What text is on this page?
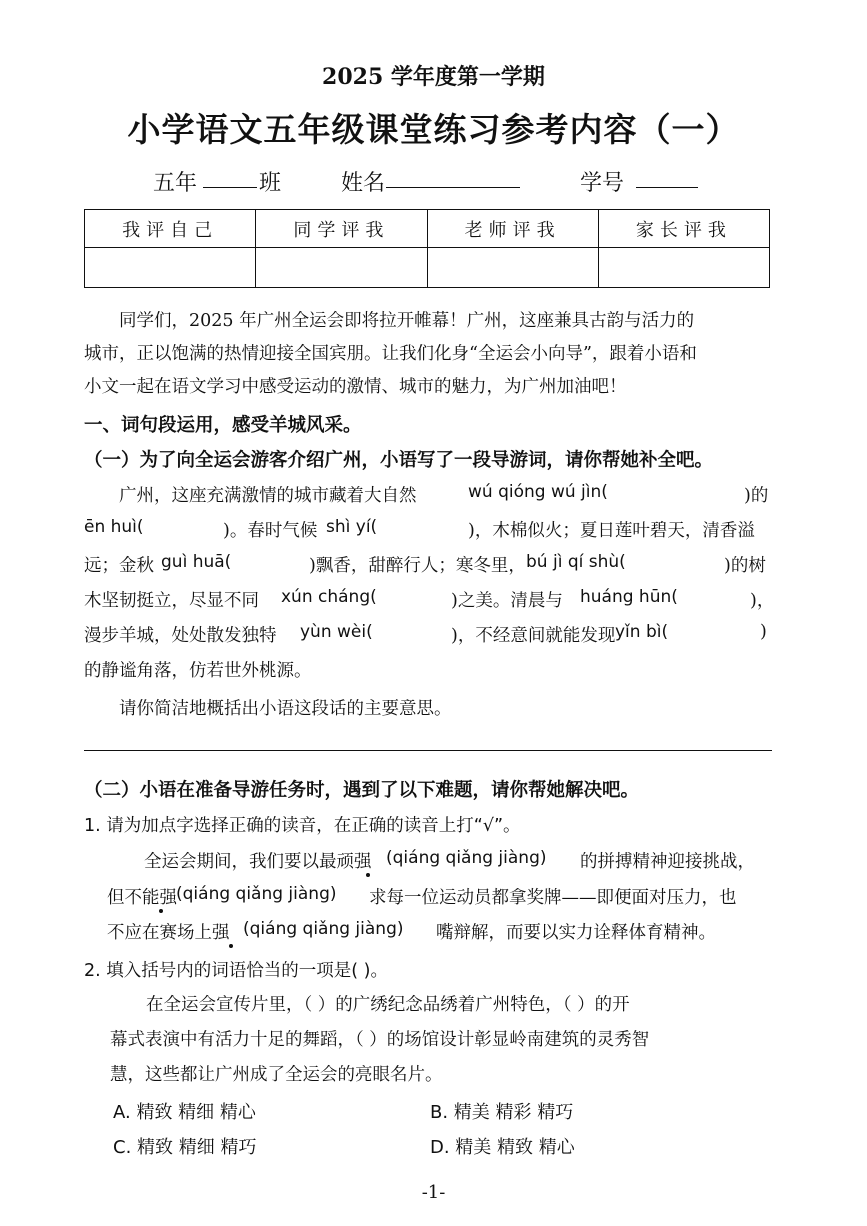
2025 学年度第一学期
小学语文五年级课堂练习参考内容（一）
五年	班	姓名	学号
我评自己	同学评我	老师评我	家长评我

同学们，2025 年广州全运会即将拉开帷幕！广州，这座兼具古韵与活力的
城市，正以饱满的热情迎接全国宾朋。让我们化身“全运会小向导”，跟着小语和
小文一起在语文学习中感受运动的激情、城市的魅力，为广州加油吧！
一、词句段运用，感受羊城风采。
（一）为了向全运会游客介绍广州，小语写了一段导游词，请你帮她补全吧。
广州，这座充满激情的城市藏着大自然	wú qióng wú jìn(	)的
ēn huì(	)。春时气候 shì yí(	)，木棉似火；夏日莲叶碧天，清香溢
远；金秋 guì huā(	)飘香，甜醉行人；寒冬里， bú jì qí shù(	)的树
木坚韧挺立，尽显不同 xún cháng(	)之美。清晨与 huáng hūn(	)，
漫步羊城，处处散发独特 yùn wèi(	)，不经意间就能发现 yǐn bì(	)
的静谧角落，仿若世外桃源。
请你简洁地概括出小语这段话的主要意思。
（二）小语在准备导游任务时，遇到了以下难题，请你帮她解决吧。
1. 请为加点字选择正确的读音，在正确的读音上打“√”。
全运会期间，我们要以最顽强 (qiáng qiǎng jiàng) 的拼搏精神迎接挑战，
但不能强 (qiáng qiǎng jiàng) 求每一位运动员都拿奖牌——即便面对压力，也
不应在赛场上强 (qiáng qiǎng jiàng) 嘴辩解，而要以实力诠释体育精神。
2. 填入括号内的词语恰当的一项是( )。
在全运会宣传片里，（ ）的广绣纪念品绣着广州特色，（ ）的开
幕式表演中有活力十足的舞蹈，（ ）的场馆设计彰显岭南建筑的灵秀智
慧，这些都让广州成了全运会的亮眼名片。
A. 精致 精细 精心	B. 精美 精彩 精巧
C. 精致 精细 精巧	D. 精美 精致 精心
-1-
